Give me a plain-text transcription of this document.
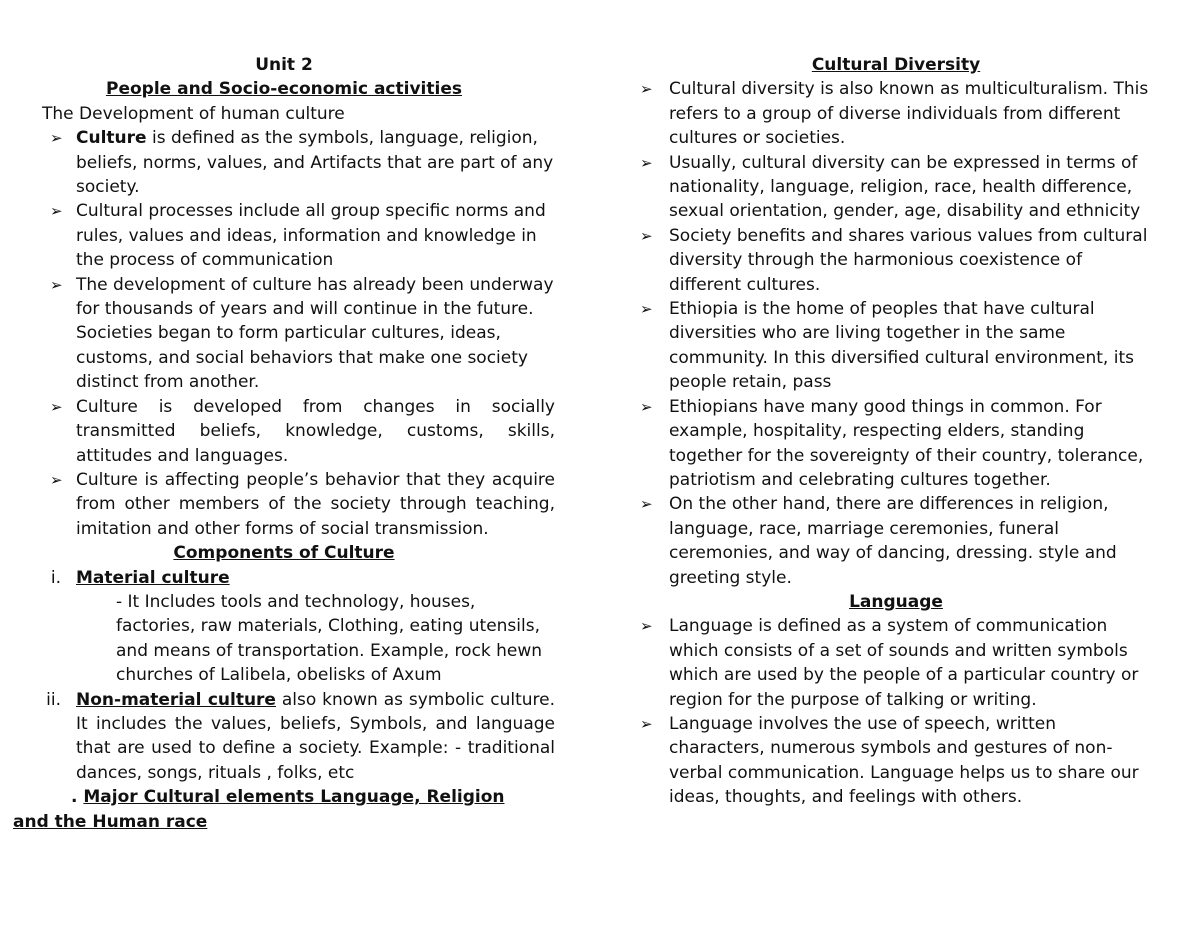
Unit 2
People and Socio-economic activities
The Development of human culture
➢ Culture is defined as the symbols, language, religion, beliefs, norms, values, and Artifacts that are part of any society.
➢ Cultural processes include all group specific norms and rules, values and ideas, information and knowledge in the process of communication
➢ The development of culture has already been underway for thousands of years and will continue in the future. Societies began to form particular cultures, ideas, customs, and social behaviors that make one society distinct from another.
➢ Culture is developed from changes in socially transmitted beliefs, knowledge, customs, skills, attitudes and languages.
➢ Culture is affecting people’s behavior that they acquire from other members of the society through teaching, imitation and other forms of social transmission.
Components of Culture
i. Material culture
- It Includes tools and technology, houses, factories, raw materials, Clothing, eating utensils, and means of transportation. Example, rock hewn churches of Lalibela, obelisks of Axum
ii. Non-material culture also known as symbolic culture. It includes the values, beliefs, Symbols, and language that are used to define a society. Example: - traditional dances, songs, rituals , folks, etc
. Major Cultural elements Language, Religion
and the Human race
Cultural Diversity
➢ Cultural diversity is also known as multiculturalism. This refers to a group of diverse individuals from different cultures or societies.
➢ Usually, cultural diversity can be expressed in terms of nationality, language, religion, race, health difference, sexual orientation, gender, age, disability and ethnicity
➢ Society benefits and shares various values from cultural diversity through the harmonious coexistence of different cultures.
➢ Ethiopia is the home of peoples that have cultural diversities who are living together in the same community. In this diversified cultural environment, its people retain, pass
➢ Ethiopians have many good things in common. For example, hospitality, respecting elders, standing together for the sovereignty of their country, tolerance, patriotism and celebrating cultures together.
➢ On the other hand, there are differences in religion, language, race, marriage ceremonies, funeral ceremonies, and way of dancing, dressing. style and greeting style.
Language
➢ Language is defined as a system of communication which consists of a set of sounds and written symbols which are used by the people of a particular country or region for the purpose of talking or writing.
➢ Language involves the use of speech, written characters, numerous symbols and gestures of non-verbal communication. Language helps us to share our ideas, thoughts, and feelings with others.
